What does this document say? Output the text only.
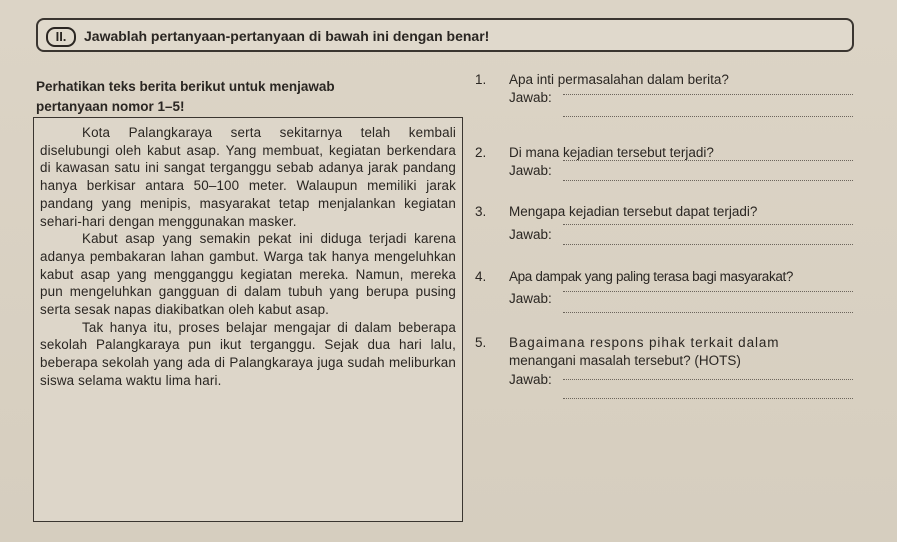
II.	Jawablah pertanyaan-pertanyaan di bawah ini dengan benar!
Perhatikan teks berita berikut untuk menjawab
pertanyaan nomor 1–5!

Kota Palangkaraya serta sekitarnya telah kembali diselubungi oleh kabut asap. Yang membuat, kegiatan berkendara di kawasan satu ini sangat terganggu sebab adanya jarak pandang hanya berkisar antara 50–100 meter. Walaupun memiliki jarak pandang yang menipis, masyarakat tetap menjalankan kegiatan sehari-hari dengan menggunakan masker.

Kabut asap yang semakin pekat ini diduga terjadi karena adanya pembakaran lahan gambut. Warga tak hanya mengeluhkan kabut asap yang mengganggu kegiatan mereka. Namun, mereka pun mengeluhkan gangguan di dalam tubuh yang berupa pusing serta sesak napas diakibatkan oleh kabut asap.

Tak hanya itu, proses belajar mengajar di dalam beberapa sekolah Palangkaraya pun ikut terganggu. Sejak dua hari lalu, beberapa sekolah yang ada di Palangkaraya juga sudah meliburkan siswa selama waktu lima hari.

1.	Apa inti permasalahan dalam berita?
Jawab:
2.	Di mana kejadian tersebut terjadi?
Jawab:
3.	Mengapa kejadian tersebut dapat terjadi?
Jawab:
4.	Apa dampak yang paling terasa bagi masyarakat?
Jawab:
5.	Bagaimana respons pihak terkait dalam
menangani masalah tersebut? (HOTS)
Jawab:
